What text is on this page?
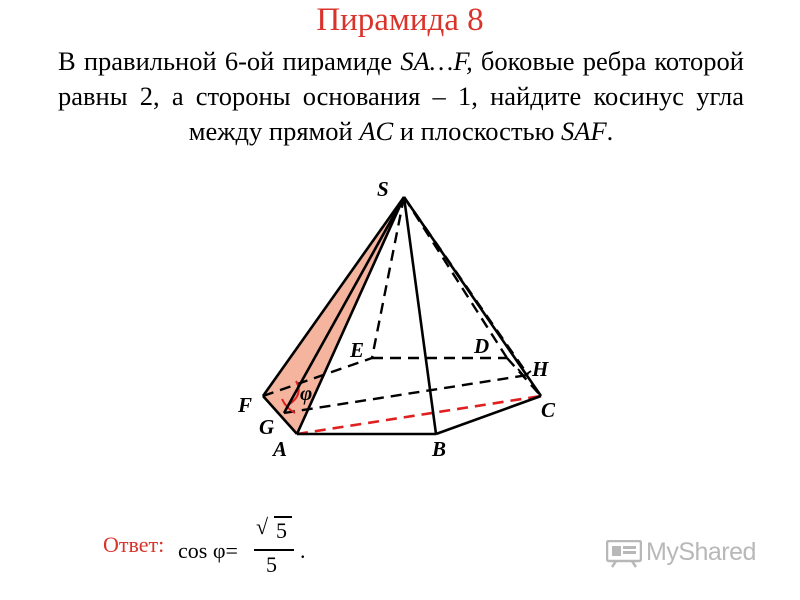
Пирамида 8
В правильной 6-ой пирамиде SA…F, боковые ребра которой равны 2, а стороны основания – 1, найдите косинус угла между прямой AC и плоскостью SAF.
S
E	D
H
F
G
A	B
C
φ
Ответ: cos φ=
√ 5
5
.	MyShared
